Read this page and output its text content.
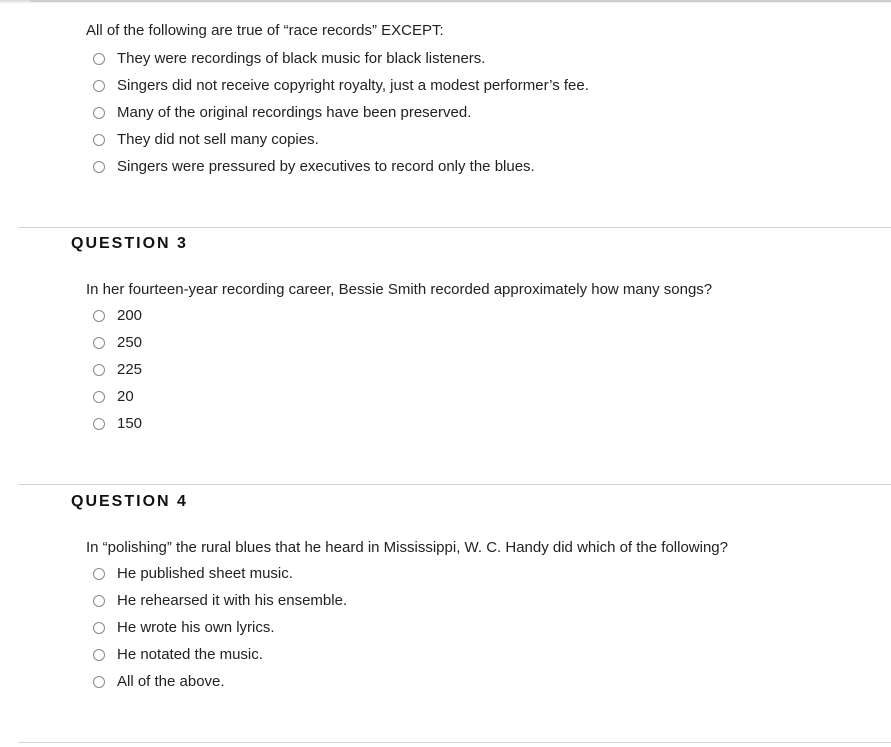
All of the following are true of “race records” EXCEPT:
They were recordings of black music for black listeners.
Singers did not receive copyright royalty, just a modest performer’s fee.
Many of the original recordings have been preserved.
They did not sell many copies.
Singers were pressured by executives to record only the blues.
QUESTION 3
In her fourteen-year recording career, Bessie Smith recorded approximately how many songs?
200
250
225
20
150
QUESTION 4
In “polishing” the rural blues that he heard in Mississippi, W. C. Handy did which of the following?
He published sheet music.
He rehearsed it with his ensemble.
He wrote his own lyrics.
He notated the music.
All of the above.
